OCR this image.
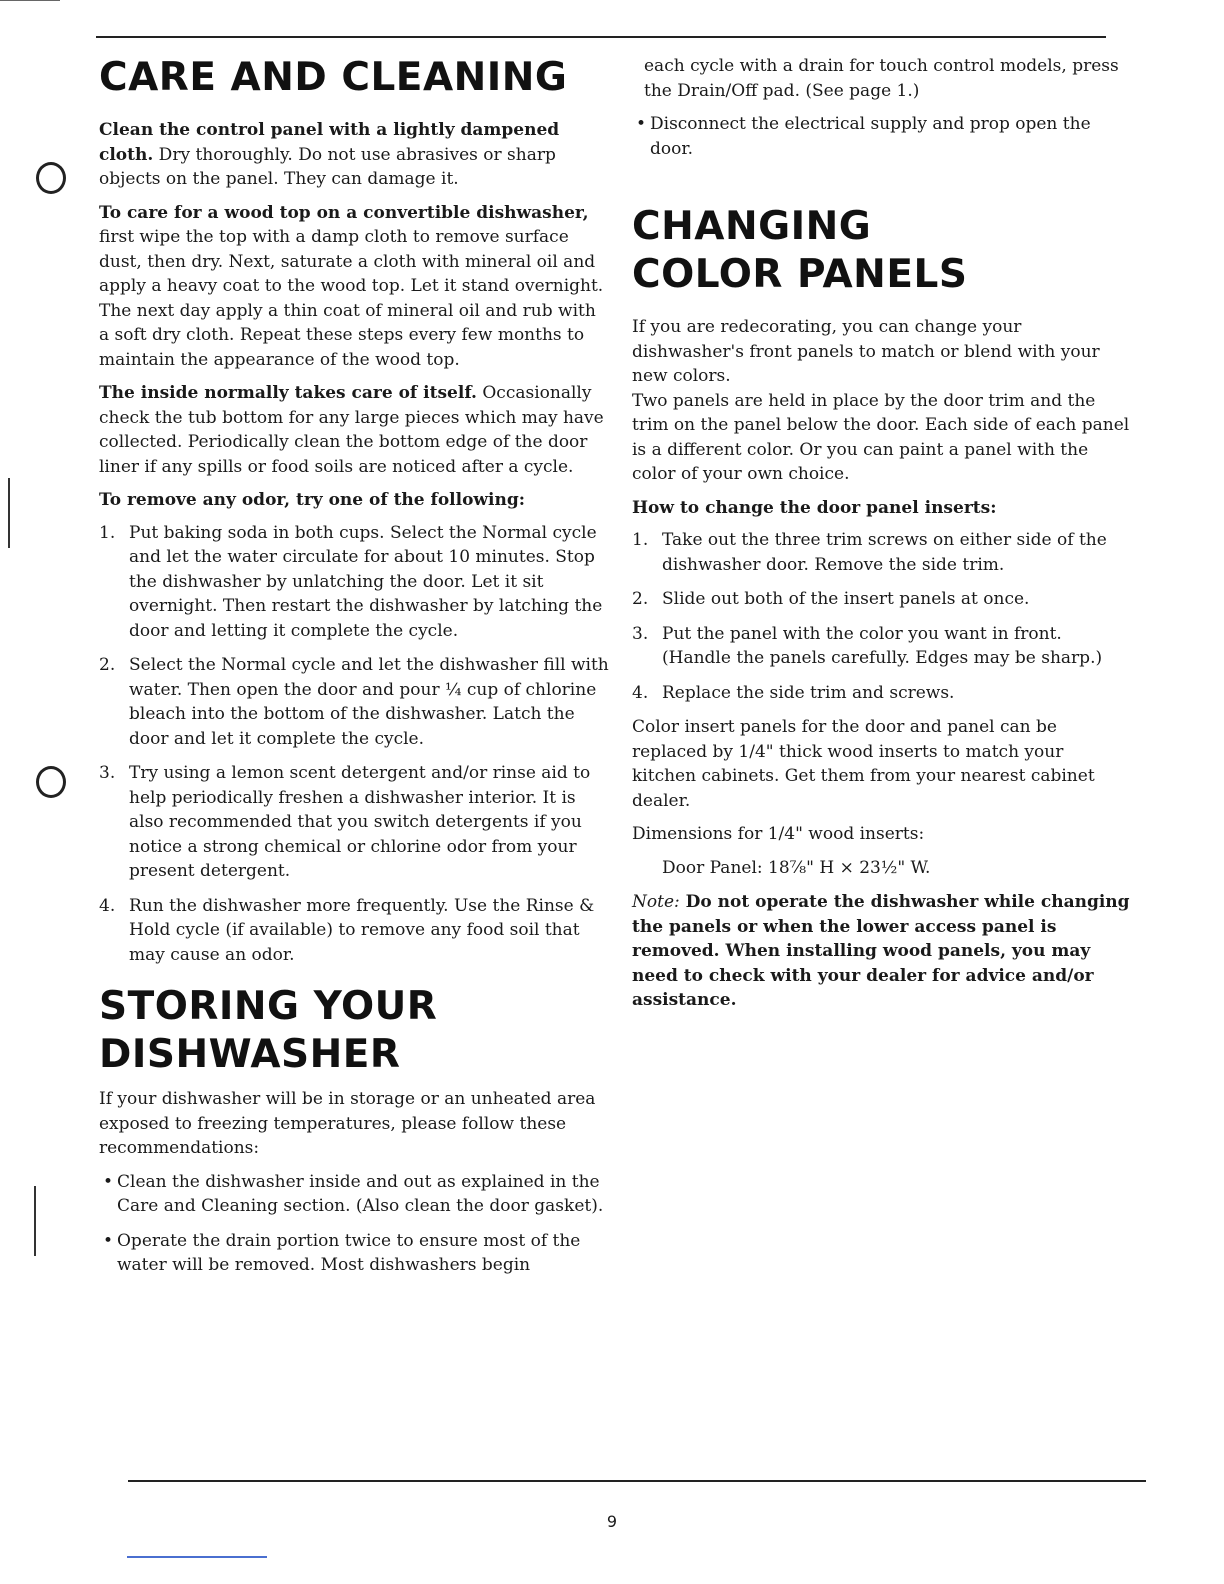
CARE AND CLEANING

Clean the control panel with a lightly dampened cloth. Dry thoroughly. Do not use abrasives or sharp objects on the panel. They can damage it.

To care for a wood top on a convertible dishwasher, first wipe the top with a damp cloth to remove surface dust, then dry. Next, saturate a cloth with mineral oil and apply a heavy coat to the wood top. Let it stand overnight. The next day apply a thin coat of mineral oil and rub with a soft dry cloth. Repeat these steps every few months to maintain the appearance of the wood top.

The inside normally takes care of itself. Occasionally check the tub bottom for any large pieces which may have collected. Periodically clean the bottom edge of the door liner if any spills or food soils are noticed after a cycle.

To remove any odor, try one of the following:

1. Put baking soda in both cups. Select the Normal cycle and let the water circulate for about 10 minutes. Stop the dishwasher by unlatching the door. Let it sit overnight. Then restart the dishwasher by latching the door and letting it complete the cycle.
2. Select the Normal cycle and let the dishwasher fill with water. Then open the door and pour ¼ cup of chlorine bleach into the bottom of the dishwasher. Latch the door and let it complete the cycle.
3. Try using a lemon scent detergent and/or rinse aid to help periodically freshen a dishwasher interior. It is also recommended that you switch detergents if you notice a strong chemical or chlorine odor from your present detergent.
4. Run the dishwasher more frequently. Use the Rinse & Hold cycle (if available) to remove any food soil that may cause an odor.
STORING YOUR DISHWASHER

If your dishwasher will be in storage or an unheated area exposed to freezing temperatures, please follow these recommendations:

• Clean the dishwasher inside and out as explained in the Care and Cleaning section. (Also clean the door gasket).
• Operate the drain portion twice to ensure most of the water will be removed. Most dishwashers begin

each cycle with a drain for touch control models, press the Drain/Off pad. (See page 1.)

• Disconnect the electrical supply and prop open the door.
CHANGING COLOR PANELS

If you are redecorating, you can change your dishwasher's front panels to match or blend with your new colors.

Two panels are held in place by the door trim and the trim on the panel below the door. Each side of each panel is a different color. Or you can paint a panel with the color of your own choice.

How to change the door panel inserts:

1. Take out the three trim screws on either side of the dishwasher door. Remove the side trim.
2. Slide out both of the insert panels at once.
3. Put the panel with the color you want in front. (Handle the panels carefully. Edges may be sharp.)
4. Replace the side trim and screws.

Color insert panels for the door and panel can be replaced by 1/4" thick wood inserts to match your kitchen cabinets. Get them from your nearest cabinet dealer.

Dimensions for 1/4" wood inserts:

Door Panel: 18⅞" H × 23½" W.

Note: Do not operate the dishwasher while changing the panels or when the lower access panel is removed. When installing wood panels, you may need to check with your dealer for advice and/or assistance.

9
